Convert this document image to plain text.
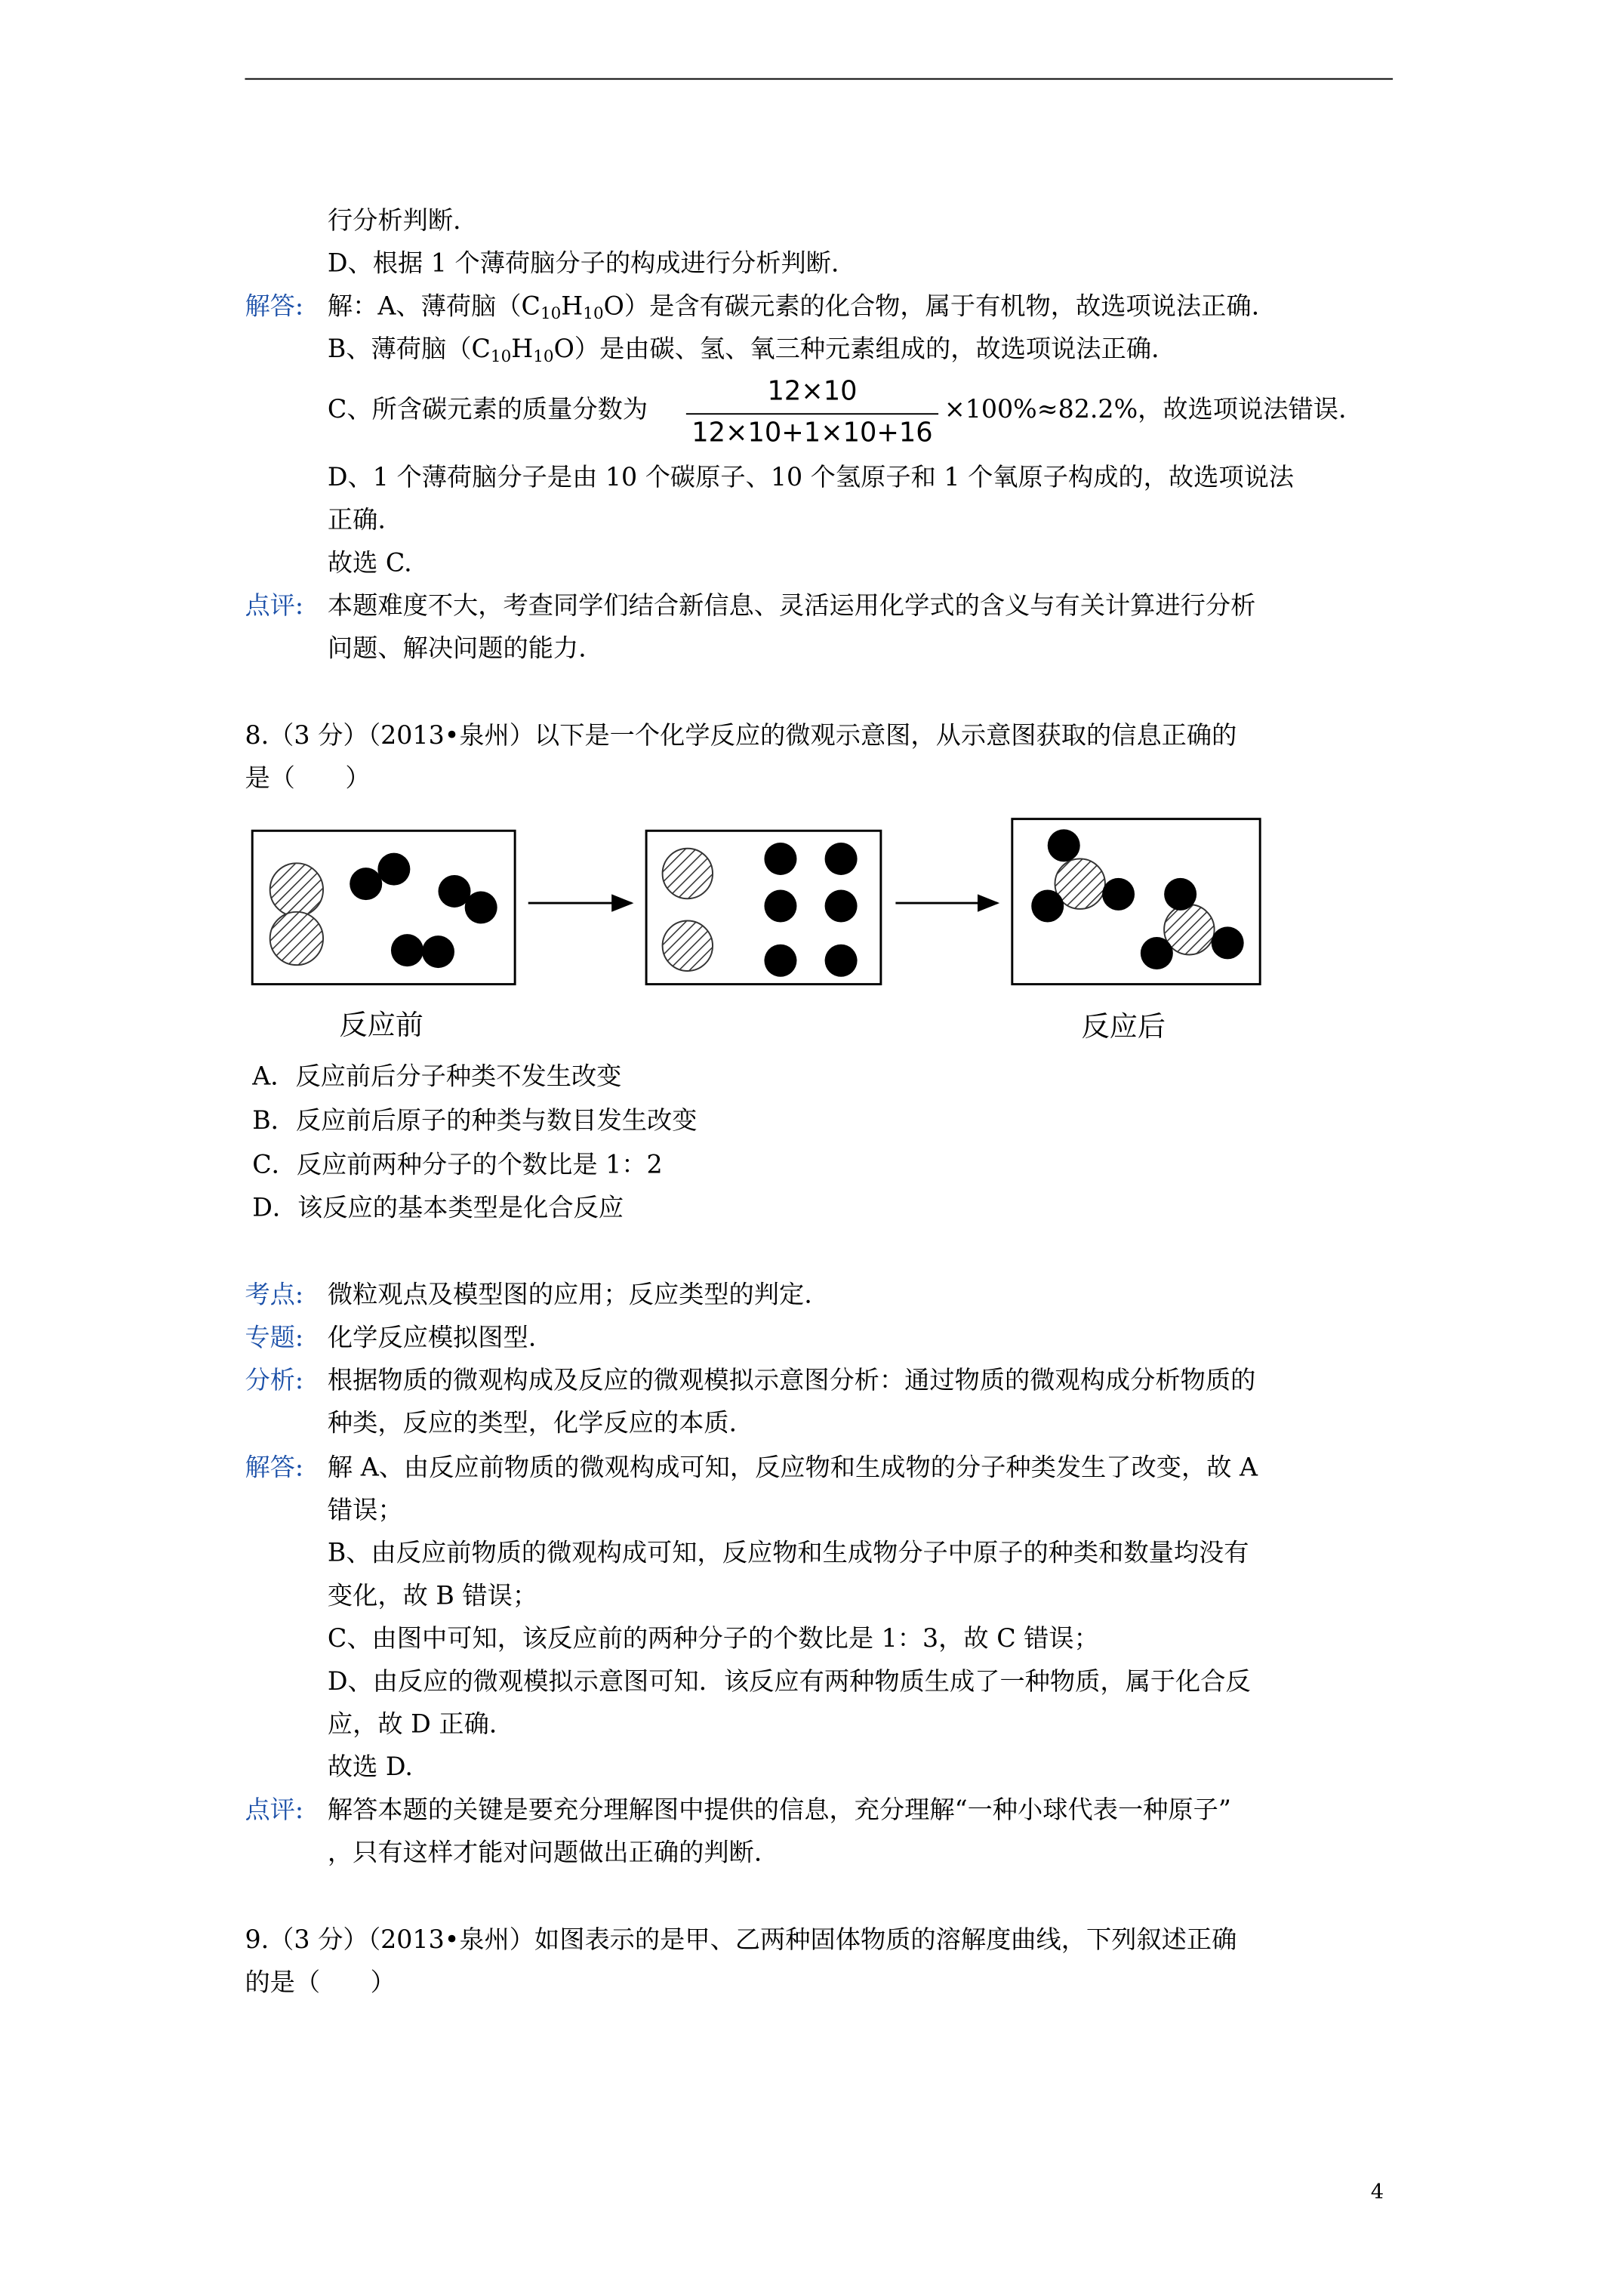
行分析判断.
D、根据 1 个薄荷脑分子的构成进行分析判断.
解答: 解：A、薄荷脑$(C_{10}H_{10}O)$是含有碳元素的化合物，属于有机物，故选项说法正确.
B、薄荷脑$(C_{10}H_{10}O)$是由碳、氢、氧三种元素组成的，故选项说法正确.
C、所含碳元素的质量分数为
12×10
12×10+1×10+16
×100%≈82.2%，故选项说法错误.
D、1 个薄荷脑分子是由 10 个碳原子、10 个氢原子和 1 个氧原子构成的，故选项说法
正确.
故选 C.
点评: 本题难度不大，考查同学们结合新信息、灵活运用化学式的含义与有关计算进行分析
问题、解决问题的能力.
8.（3 分）（2013•泉州）以下是一个化学反应的微观示意图，从示意图获取的信息正确的
是（　　）
反应前	反应后
A．反应前后分子种类不发生改变
B．反应前后原子的种类与数目发生改变
C．反应前两种分子的个数比是 1：2
D．该反应的基本类型是化合反应
考点: 微粒观点及模型图的应用；反应类型的判定.
专题: 化学反应模拟图型.
分析: 根据物质的微观构成及反应的微观模拟示意图分析：通过物质的微观构成分析物质的
种类，反应的类型，化学反应的本质.
解答: 解 A、由反应前物质的微观构成可知，反应物和生成物的分子种类发生了改变，故 A
错误；
B、由反应前物质的微观构成可知，反应物和生成物分子中原子的种类和数量均没有
变化，故 B 错误；
C、由图中可知，该反应前的两种分子的个数比是 1：3，故 C 错误；
D、由反应的微观模拟示意图可知．该反应有两种物质生成了一种物质，属于化合反
应，故 D 正确.
故选 D.
点评: 解答本题的关键是要充分理解图中提供的信息，充分理解“一种小球代表一种原子”
，只有这样才能对问题做出正确的判断.
9.（3 分）（2013•泉州）如图表示的是甲、乙两种固体物质的溶解度曲线，下列叙述正确
的是（　　）
4
